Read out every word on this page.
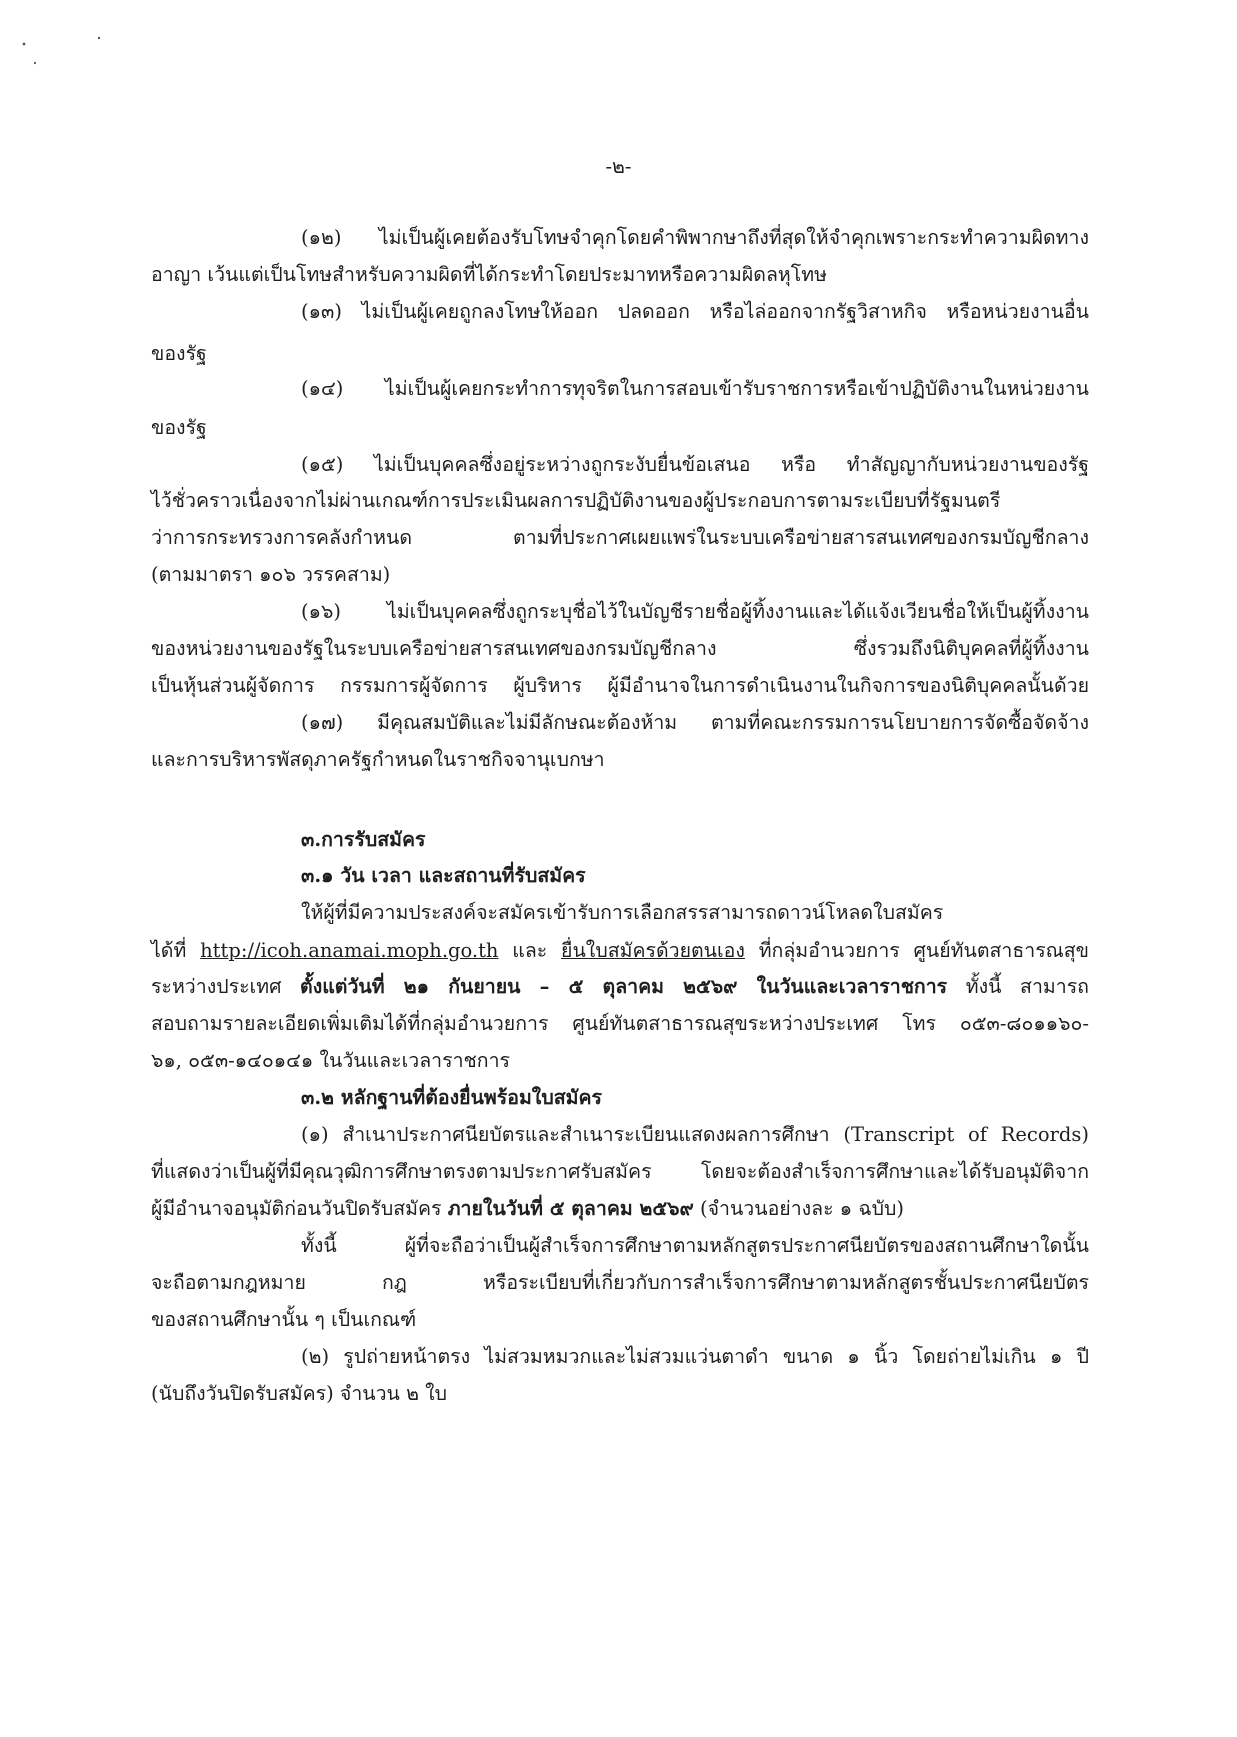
-๒-
(๑๒) ไม่เป็นผู้เคยต้องรับโทษจำคุกโดยคำพิพากษาถึงที่สุดให้จำคุกเพราะกระทำความผิดทาง
อาญา เว้นแต่เป็นโทษสำหรับความผิดที่ได้กระทำโดยประมาทหรือความผิดลหุโทษ
(๑๓) ไม่เป็นผู้เคยถูกลงโทษให้ออก ปลดออก หรือไล่ออกจากรัฐวิสาหกิจ หรือหน่วยงานอื่น
ของรัฐ
(๑๔) ไม่เป็นผู้เคยกระทำการทุจริตในการสอบเข้ารับราชการหรือเข้าปฏิบัติงานในหน่วยงาน
ของรัฐ
(๑๕) ไม่เป็นบุคคลซึ่งอยู่ระหว่างถูกระงับยื่นข้อเสนอ หรือ ทำสัญญากับหน่วยงานของรัฐ
ไว้ชั่วคราวเนื่องจากไม่ผ่านเกณฑ์การประเมินผลการปฏิบัติงานของผู้ประกอบการตามระเบียบที่รัฐมนตรี
ว่าการกระทรวงการคลังกำหนด ตามที่ประกาศเผยแพร่ในระบบเครือข่ายสารสนเทศของกรมบัญชีกลาง
(ตามมาตรา ๑๐๖ วรรคสาม)
(๑๖) ไม่เป็นบุคคลซึ่งถูกระบุชื่อไว้ในบัญชีรายชื่อผู้ทิ้งงานและได้แจ้งเวียนชื่อให้เป็นผู้ทิ้งงาน
ของหน่วยงานของรัฐในระบบเครือข่ายสารสนเทศของกรมบัญชีกลาง ซึ่งรวมถึงนิติบุคคลที่ผู้ทิ้งงาน
เป็นหุ้นส่วนผู้จัดการ กรรมการผู้จัดการ ผู้บริหาร ผู้มีอำนาจในการดำเนินงานในกิจการของนิติบุคคลนั้นด้วย
(๑๗) มีคุณสมบัติและไม่มีลักษณะต้องห้าม ตามที่คณะกรรมการนโยบายการจัดซื้อจัดจ้าง
และการบริหารพัสดุภาครัฐกำหนดในราชกิจจานุเบกษา
๓.การรับสมัคร
๓.๑ วัน เวลา และสถานที่รับสมัคร
ให้ผู้ที่มีความประสงค์จะสมัครเข้ารับการเลือกสรรสามารถดาวน์โหลดใบสมัคร
ได้ที่ http://icoh.anamai.moph.go.th และ ยื่นใบสมัครด้วยตนเอง ที่กลุ่มอำนวยการ ศูนย์ทันตสาธารณสุข
ระหว่างประเทศ ตั้งแต่วันที่ ๒๑ กันยายน – ๕ ตุลาคม ๒๕๖๙ ในวันและเวลาราชการ ทั้งนี้ สามารถ
สอบถามรายละเอียดเพิ่มเติมได้ที่กลุ่มอำนวยการ ศูนย์ทันตสาธารณสุขระหว่างประเทศ โทร ๐๕๓-๘๐๑๑๖๐-
๖๑, ๐๕๓-๑๔๐๑๔๑ ในวันและเวลาราชการ
๓.๒ หลักฐานที่ต้องยื่นพร้อมใบสมัคร
(๑) สำเนาประกาศนียบัตรและสำเนาระเบียนแสดงผลการศึกษา (Transcript of Records)
ที่แสดงว่าเป็นผู้ที่มีคุณวุฒิการศึกษาตรงตามประกาศรับสมัคร โดยจะต้องสำเร็จการศึกษาและได้รับอนุมัติจาก
ผู้มีอำนาจอนุมัติก่อนวันปิดรับสมัคร ภายในวันที่ ๕ ตุลาคม ๒๕๖๙ (จำนวนอย่างละ ๑ ฉบับ)
ทั้งนี้ ผู้ที่จะถือว่าเป็นผู้สำเร็จการศึกษาตามหลักสูตรประกาศนียบัตรของสถานศึกษาใดนั้น
จะถือตามกฎหมาย กฎ หรือระเบียบที่เกี่ยวกับการสำเร็จการศึกษาตามหลักสูตรชั้นประกาศนียบัตร
ของสถานศึกษานั้น ๆ เป็นเกณฑ์
(๒) รูปถ่ายหน้าตรง ไม่สวมหมวกและไม่สวมแว่นตาดำ ขนาด ๑ นิ้ว โดยถ่ายไม่เกิน ๑ ปี
(นับถึงวันปิดรับสมัคร) จำนวน ๒ ใบ
